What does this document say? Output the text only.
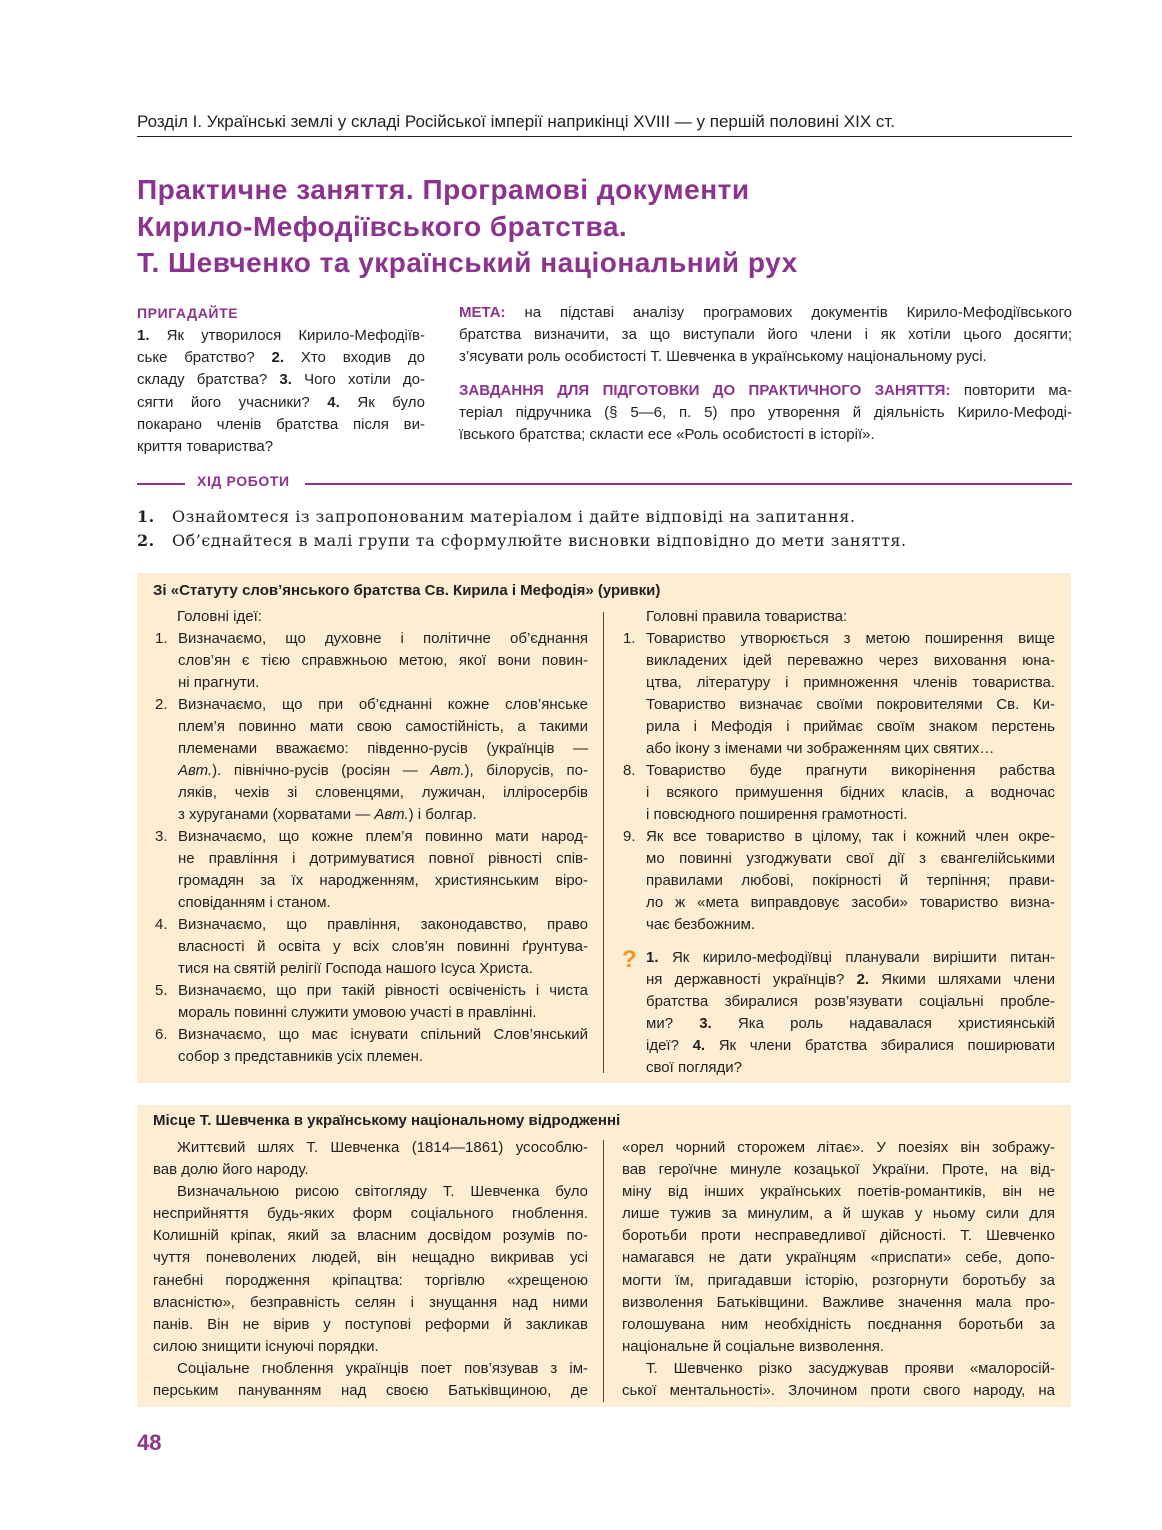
Розділ І. Українські землі у складі Російської імперії наприкінці XVIII — у першій половині XIX ст.
Практичне заняття. Програмові документи
Кирило-Мефодіївського братства.
Т. Шевченко та український національний рух
ПРИГАДАЙТЕ
1. Як утворилося Кирило-Мефодіїв-
ське братство? 2. Хто входив до
складу братства? 3. Чого хотіли до-
сягти його учасники? 4. Як було
покарано членів братства після ви-
криття товариства?
МЕТА: на підставі аналізу програмових документів Кирило-Мефодіївського
братства визначити, за що виступали його члени і як хотіли цього досягти;
з’ясувати роль особистості Т. Шевченка в українському національному русі.
ЗАВДАННЯ ДЛЯ ПІДГОТОВКИ ДО ПРАКТИЧНОГО ЗАНЯТТЯ: повторити ма-
теріал підручника (§ 5—6, п. 5) про утворення й діяльність Кирило-Мефоді-
ївського братства; скласти есе «Роль особистості в історії».
ХІД РОБОТИ
1. Ознайомтеся із запропонованим матеріалом і дайте відповіді на запитання.
2. Об’єднайтеся в малі групи та сформулюйте висновки відповідно до мети заняття.
Зі «Статуту слов’янського братства Св. Кирила і Мефодія» (уривки)
Головні ідеї:
1. Визначаємо, що духовне і політичне об’єднання
слов’ян є тією справжньою метою, якої вони повин-
ні прагнути.
2. Визначаємо, що при об’єднанні кожне слов’янське
плем’я повинно мати свою самостійність, а такими
племенами вважаємо: південно-русів (українців —
Авт.). північно-русів (росіян — Авт.), білорусів, по-
ляків, чехів зі словенцями, лужичан, ілліросербів
з хуруганами (хорватами — Авт.) і болгар.
3. Визначаємо, що кожне плем’я повинно мати народ-
не правління і дотримуватися повної рівності спів-
громадян за їх народженням, християнським віро-
сповіданням і станом.
4. Визначаємо, що правління, законодавство, право
власності й освіта у всіх слов’ян повинні ґрунтува-
тися на святій релігії Господа нашого Ісуса Христа.
5. Визначаємо, що при такій рівності освіченість і чиста
мораль повинні служити умовою участі в правлінні.
6. Визначаємо, що має існувати спільний Слов’янський
собор з представників усіх племен.
Головні правила товариства:
1. Товариство утворюється з метою поширення вище
викладених ідей переважно через виховання юна-
цтва, літературу і примноження членів товариства.
Товариство визначає своїми покровителями Св. Ки-
рила і Мефодія і приймає своїм знаком перстень
або ікону з іменами чи зображенням цих святих…
8. Товариство буде прагнути викорінення рабства
і всякого примушення бідних класів, а водночас
і повсюдного поширення грамотності.
9. Як все товариство в цілому, так і кожний член окре-
мо повинні узгоджувати свої дії з євангелійськими
правилами любові, покірності й терпіння; прави-
ло ж «мета виправдовує засоби» товариство визна-
чає безбожним.
? 1. Як кирило-мефодіївці планували вирішити питан-
ня державності українців? 2. Якими шляхами члени
братства збиралися розв’язувати соціальні пробле-
ми? 3. Яка роль надавалася християнській
ідеї? 4. Як члени братства збиралися поширювати
свої погляди?
Місце Т. Шевченка в українському національному відродженні
Життєвий шлях Т. Шевченка (1814—1861) усособлю-
вав долю його народу.
Визначальною рисою світогляду Т. Шевченка було
несприйняття будь-яких форм соціального гноблення.
Колишній кріпак, який за власним досвідом розумів по-
чуття поневолених людей, він нещадно викривав усі
ганебні породження кріпацтва: торгівлю «хрещеною
власністю», безправність селян і знущання над ними
панів. Він не вірив у поступові реформи й закликав
силою знищити існуючі порядки.
Соціальне гноблення українців поет пов’язував з ім-
перським пануванням над своєю Батьківщиною, де
«орел чорний сторожем літає». У поезіях він зображу-
вав героїчне минуле козацької України. Проте, на від-
міну від інших українських поетів-романтиків, він не
лише тужив за минулим, а й шукав у ньому сили для
боротьби проти несправедливої дійсності. Т. Шевченко
намагався не дати українцям «приспати» себе, допо-
могти їм, пригадавши історію, розгорнути боротьбу за
визволення Батьківщини. Важливе значення мала про-
голошувана ним необхідність поєднання боротьби за
національне й соціальне визволення.
Т. Шевченко різко засуджував прояви «малоросій-
ської ментальності». Злочином проти свого народу, на
48
